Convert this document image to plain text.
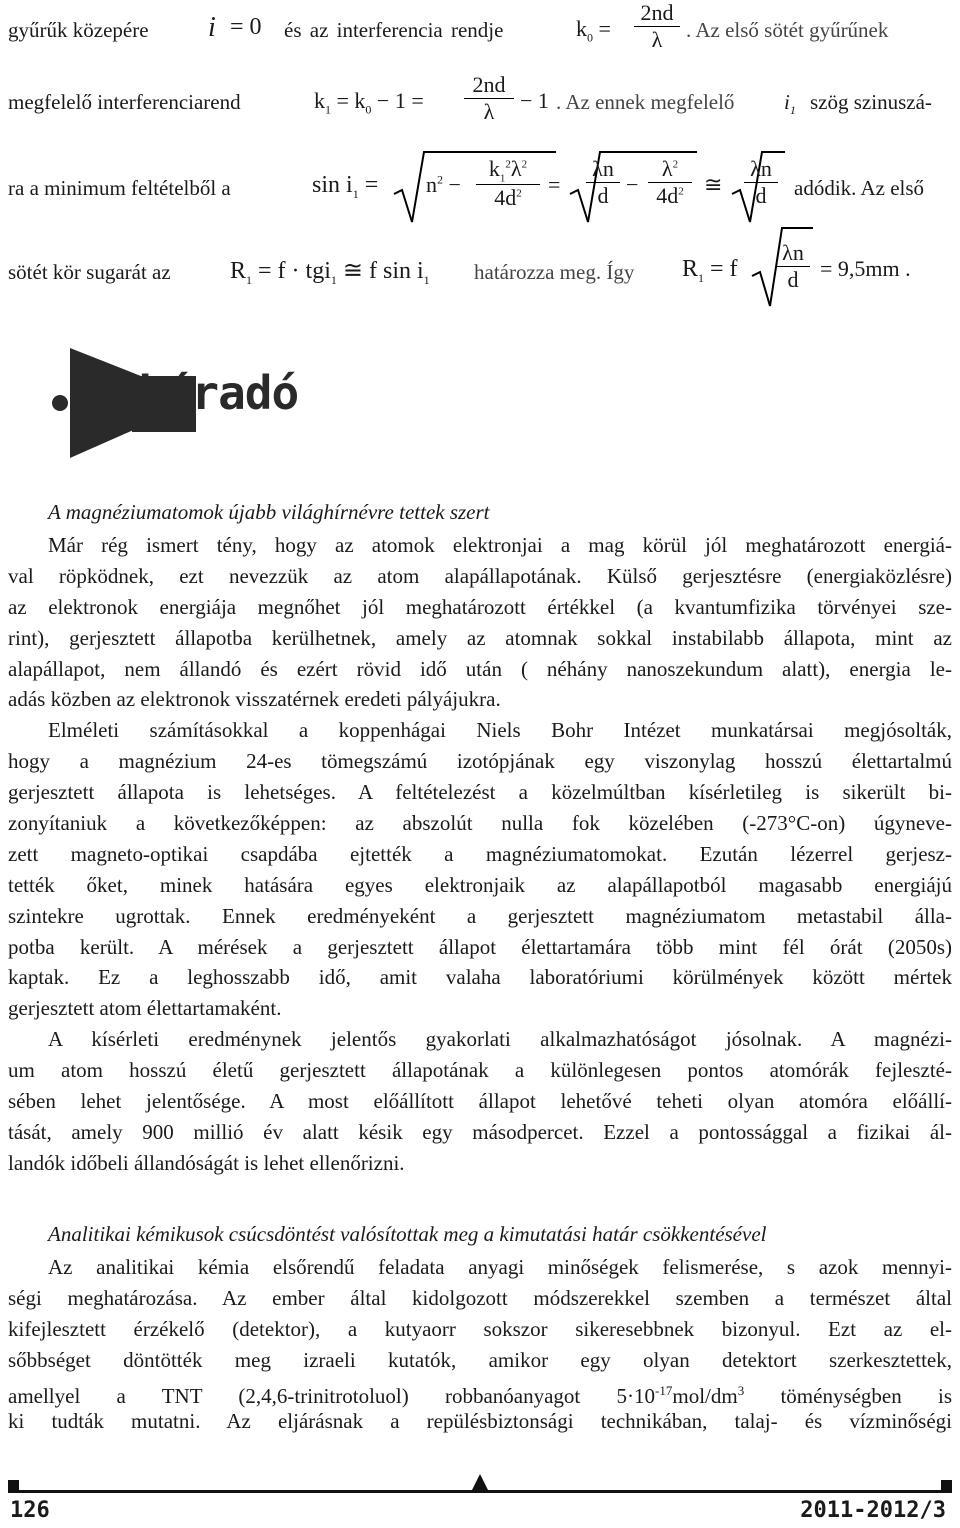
gyűrűk közepére i = 0 és az interferencia rendje	$k_0 = \frac{2nd}{\lambda}$ . Az első sötét gyűrűnek
megfelelő interferenciarend	$k_1 = k_0 - 1 = \frac{2nd}{\lambda} - 1$ . Az ennek megfelelő $i_1$ szög szinuszá-
ra a minimum feltételből a	$\sin i_1 = n^2 - \frac{k_1^2\lambda^2}{4d^2} = \frac{\lambda n}{d} - \frac{\lambda^2}{4d^2}$ ≅ $\frac{\lambda n}{d}$ adódik. Az első
sötét kör sugarát az $R_1 = f \cdot tgi_1$ ≅ f $\sin i_1$ határozza meg. Így $R_1 = f \frac{\lambda n}{d} = 9,5mm$ .
híradó
A magnéziumatomok újabb világhírnévre tettek szert
Már rég ismert tény, hogy az atomok elektronjai a mag körül jól meghatározott energiá-
val röpködnek, ezt nevezzük az atom alapállapotának. Külső gerjesztésre (energiaközlésre)
az elektronok energiája megnőhet jól meghatározott értékkel (a kvantumfizika törvényei sze-
rint), gerjesztett állapotba kerülhetnek, amely az atomnak sokkal instabilabb állapota, mint az
alapállapot, nem állandó és ezért rövid idő után ( néhány nanoszekundum alatt), energia le-
adás közben az elektronok visszatérnek eredeti pályájukra.
Elméleti számításokkal a koppenhágai Niels Bohr Intézet munkatársai megjósolták,
hogy a magnézium 24-es tömegszámú izotópjának egy viszonylag hosszú élettartalmú
gerjesztett állapota is lehetséges. A feltételezést a közelmúltban kísérletileg is sikerült bi-
zonyítaniuk a következőképpen: az abszolút nulla fok közelében (-273°C-on) úgyneve-
zett magneto-optikai csapdába ejtették a magnéziumatomokat. Ezután lézerrel gerjesz-
tették őket, minek hatására egyes elektronjaik az alapállapotból magasabb energiájú
szintekre ugrottak. Ennek eredményeként a gerjesztett magnéziumatom metastabil álla-
potba került. A mérések a gerjesztett állapot élettartamára több mint fél órát (2050s)
kaptak. Ez a leghosszabb idő, amit valaha laboratóriumi körülmények között mértek
gerjesztett atom élettartamaként.
A kísérleti eredménynek jelentős gyakorlati alkalmazhatóságot jósolnak. A magnézi-
um atom hosszú életű gerjesztett állapotának a különlegesen pontos atomórák fejleszté-
sében lehet jelentősége. A most előállított állapot lehetővé teheti olyan atomóra előállí-
tását, amely 900 millió év alatt késik egy másodpercet. Ezzel a pontossággal a fizikai ál-
landók időbeli állandóságát is lehet ellenőrizni.
Analitikai kémikusok csúcsdöntést valósítottak meg a kimutatási határ csökkentésével
Az analitikai kémia elsőrendű feladata anyagi minőségek felismerése, s azok mennyi-
ségi meghatározása. Az ember által kidolgozott módszerekkel szemben a természet által
kifejlesztett érzékelő (detektor), a kutyaorr sokszor sikeresebbnek bizonyul. Ezt az el-
sőbbséget döntötték meg izraeli kutatók, amikor egy olyan detektort szerkesztettek,
amellyel a TNT (2,4,6-trinitrotoluol) robbanóanyagot $5\cdot 10^{-17}mol/dm^3$ töménységben is
ki tudták mutatni. Az eljárásnak a repülésbiztonsági technikában, talaj- és vízminőségi
126	2011-2012/3
